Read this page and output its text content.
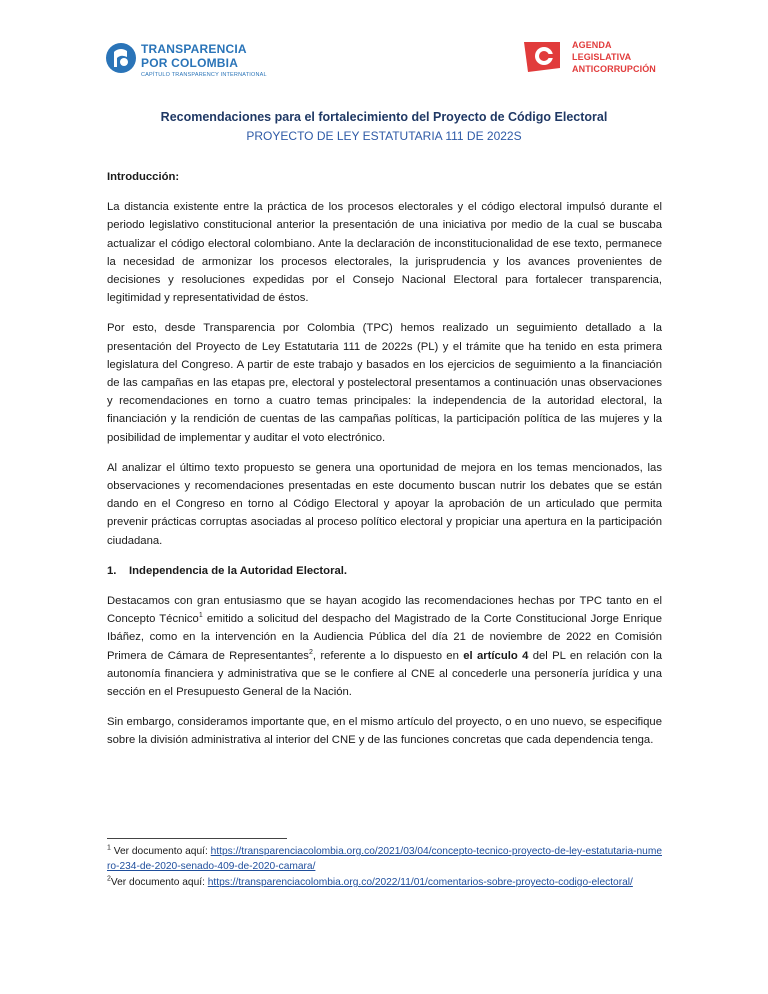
TRANSPARENCIA
POR COLOMBIA
CAPÍTULO TRANSPARENCY INTERNATIONAL
AGENDA
LEGISLATIVA
ANTICORRUPCIÓN
Recomendaciones para el fortalecimiento del Proyecto de Código Electoral
PROYECTO DE LEY ESTATUTARIA 111 DE 2022S

Introducción:

La distancia existente entre la práctica de los procesos electorales y el código electoral impulsó durante el periodo legislativo constitucional anterior la presentación de una iniciativa por medio de la cual se buscaba actualizar el código electoral colombiano. Ante la declaración de inconstitucionalidad de ese texto, permanece la necesidad de armonizar los procesos electorales, la jurisprudencia y los avances provenientes de decisiones y resoluciones expedidas por el Consejo Nacional Electoral para fortalecer transparencia, legitimidad y representatividad de éstos.

Por esto, desde Transparencia por Colombia (TPC) hemos realizado un seguimiento detallado a la presentación del Proyecto de Ley Estatutaria 111 de 2022s (PL) y el trámite que ha tenido en esta primera legislatura del Congreso. A partir de este trabajo y basados en los ejercicios de seguimiento a la financiación de las campañas en las etapas pre, electoral y postelectoral presentamos a continuación unas observaciones y recomendaciones en torno a cuatro temas principales: la independencia de la autoridad electoral, la financiación y la rendición de cuentas de las campañas políticas, la participación política de las mujeres y la posibilidad de implementar y auditar el voto electrónico.

Al analizar el último texto propuesto se genera una oportunidad de mejora en los temas mencionados, las observaciones y recomendaciones presentadas en este documento buscan nutrir los debates que se están dando en el Congreso en torno al Código Electoral y apoyar la aprobación de un articulado que permita prevenir prácticas corruptas asociadas al proceso político electoral y propiciar una apertura en la participación ciudadana.

1. Independencia de la Autoridad Electoral.

Destacamos con gran entusiasmo que se hayan acogido las recomendaciones hechas por TPC tanto en el Concepto Técnico$^1$ emitido a solicitud del despacho del Magistrado de la Corte Constitucional Jorge Enrique Ibáñez, como en la intervención en la Audiencia Pública del día 21 de noviembre de 2022 en Comisión Primera de Cámara de Representantes$^2$, referente a lo dispuesto en el artículo 4 del PL en relación con la autonomía financiera y administrativa que se le confiere al CNE al concederle una personería jurídica y una sección en el Presupuesto General de la Nación.

Sin embargo, consideramos importante que, en el mismo artículo del proyecto, o en uno nuevo, se especifique sobre la división administrativa al interior del CNE y de las funciones concretas que cada dependencia tenga.

$^1$ Ver documento aquí: https://transparenciacolombia.org.co/2021/03/04/concepto-tecnico-proyecto-de-ley-estatutaria-numero-234-de-2020-senado-409-de-2020-camara/
$^2$Ver documento aquí: https://transparenciacolombia.org.co/2022/11/01/comentarios-sobre-proyecto-codigo-electoral/
